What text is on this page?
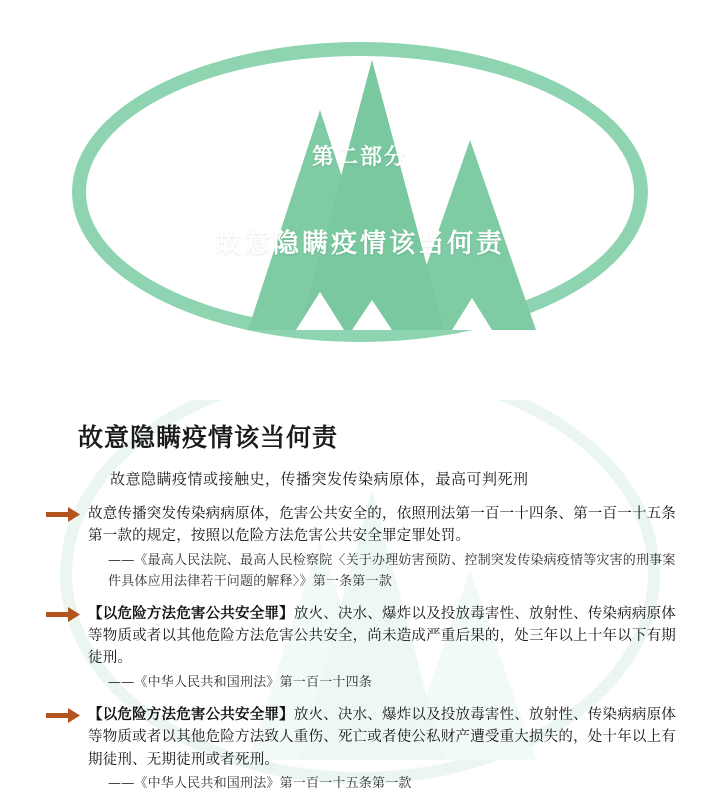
第二部分
故意隐瞒疫情该当何责
故意隐瞒疫情该当何责

故意隐瞒疫情或接触史，传播突发传染病原体，最高可判死刑

故意传播突发传染病病原体，危害公共安全的，依照刑法第一百一十四条、第一百一十五条第一款的规定，按照以危险方法危害公共安全罪定罪处罚。
——《最高人民法院、最高人民检察院〈关于办理妨害预防、控制突发传染病疫情等灾害的刑事案件具体应用法律若干问题的解释〉》第一条第一款
【以危险方法危害公共安全罪】放火、决水、爆炸以及投放毒害性、放射性、传染病病原体等物质或者以其他危险方法危害公共安全，尚未造成严重后果的，处三年以上十年以下有期徒刑。
——《中华人民共和国刑法》第一百一十四条
【以危险方法危害公共安全罪】放火、决水、爆炸以及投放毒害性、放射性、传染病病原体等物质或者以其他危险方法致人重伤、死亡或者使公私财产遭受重大损失的，处十年以上有期徒刑、无期徒刑或者死刑。
——《中华人民共和国刑法》第一百一十五条第一款
